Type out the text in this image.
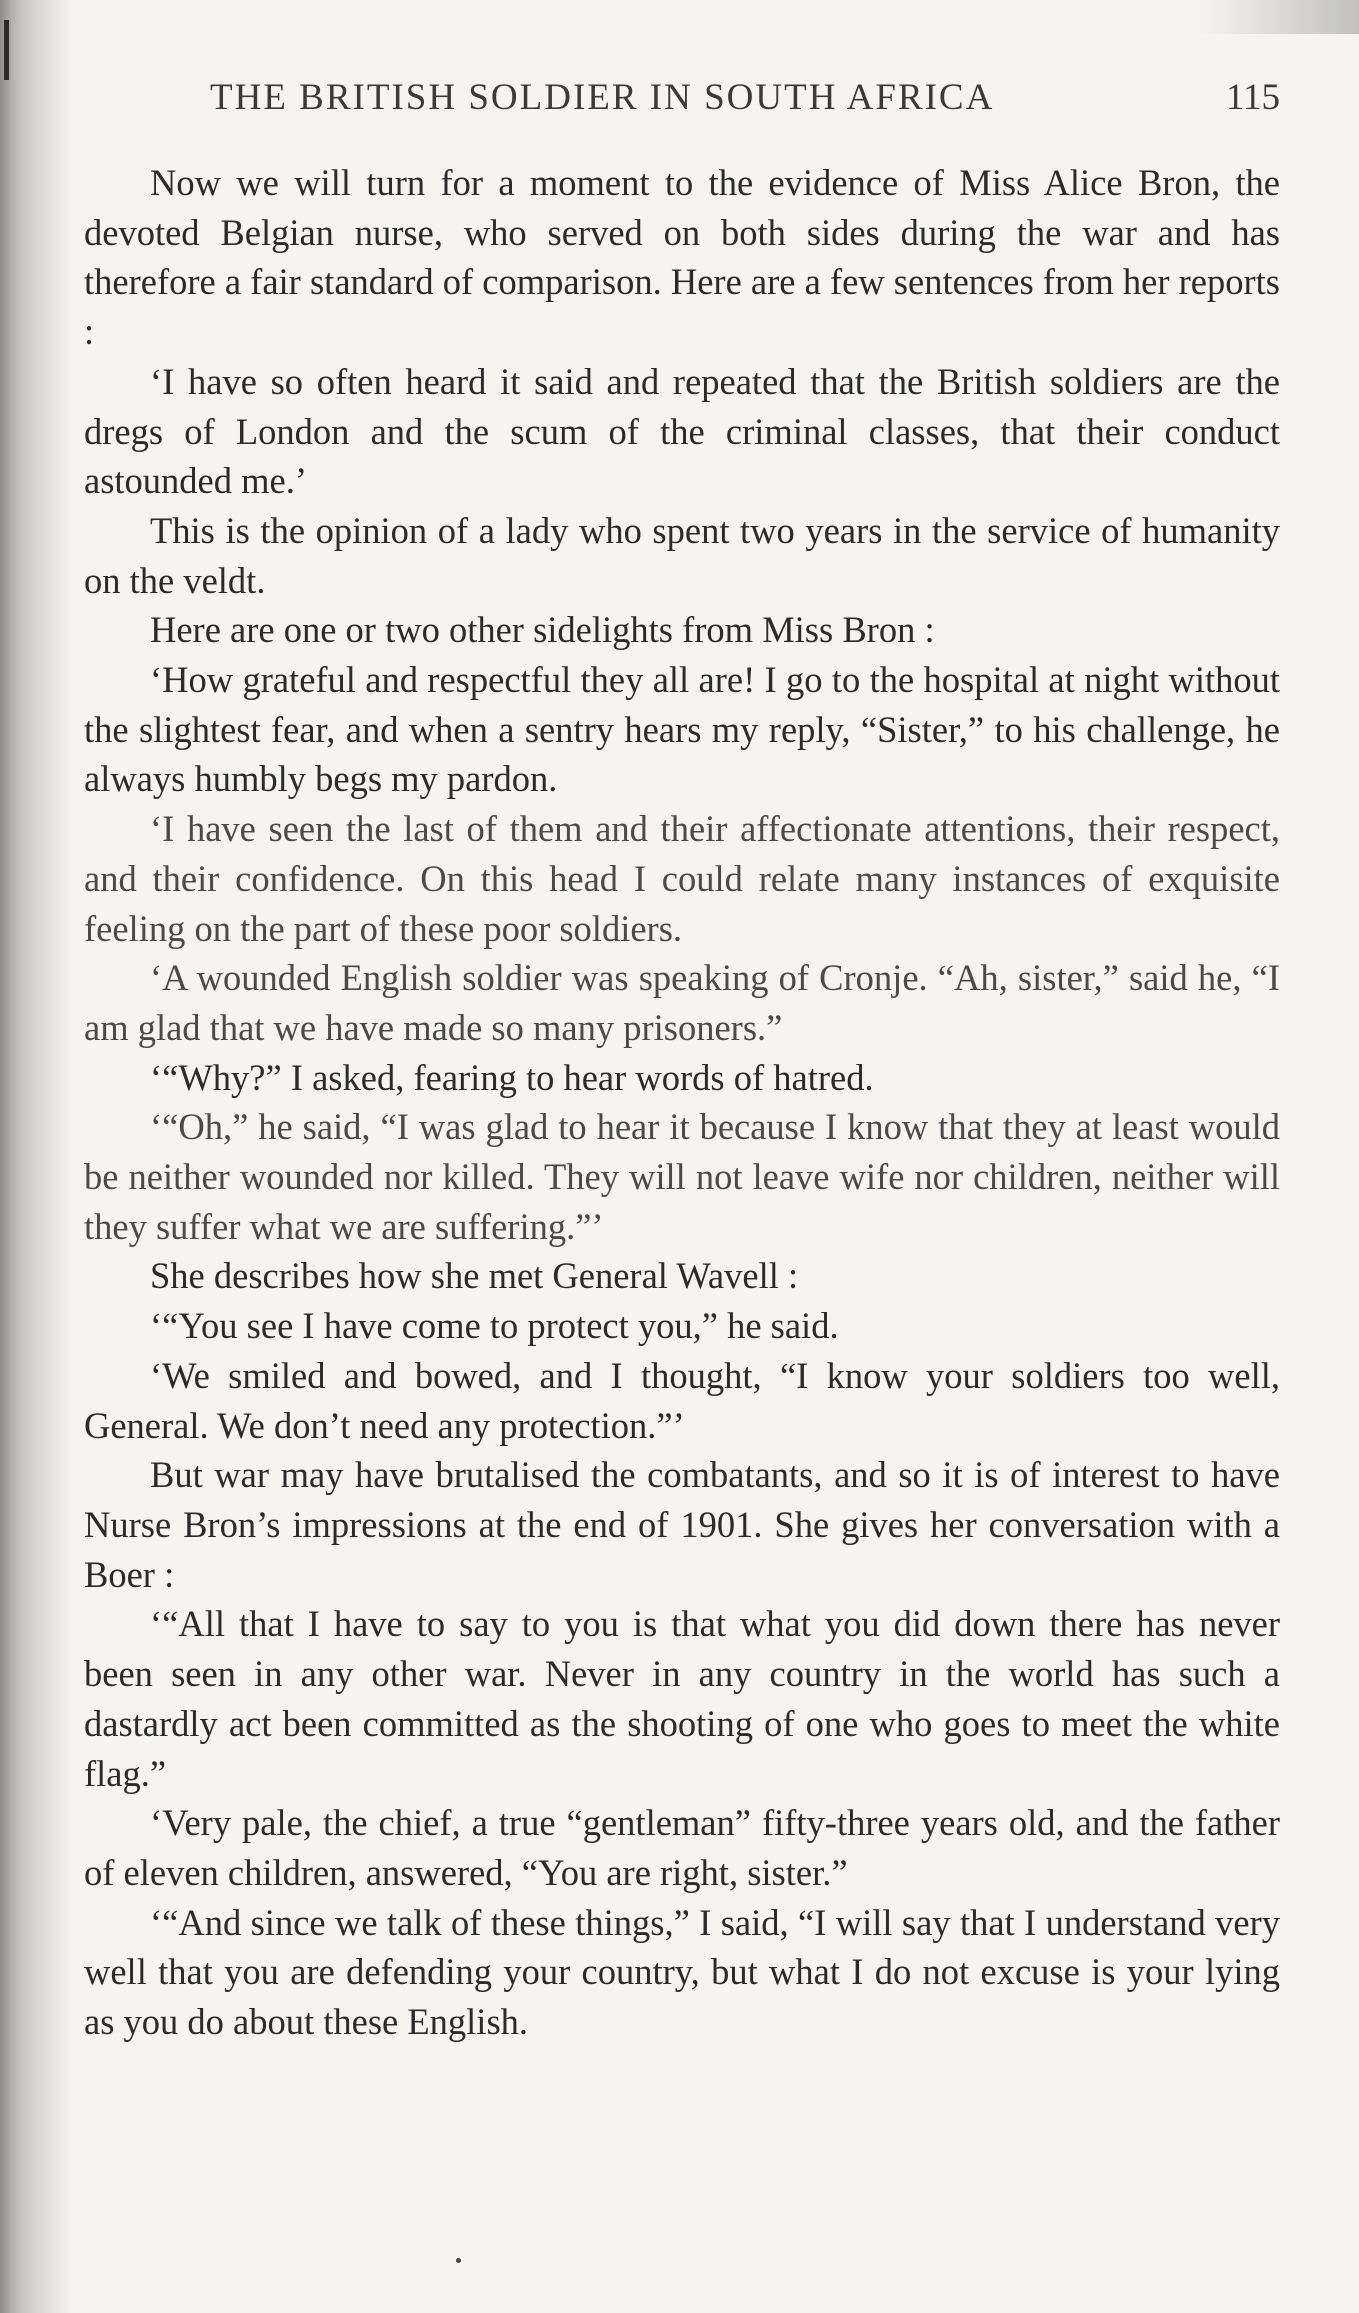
THE BRITISH SOLDIER IN SOUTH AFRICA	115

Now we will turn for a moment to the evidence of Miss Alice Bron, the devoted Belgian nurse, who served on both sides during the war and has therefore a fair standard of comparison. Here are a few sentences from her reports :

‘I have so often heard it said and repeated that the British soldiers are the dregs of London and the scum of the criminal classes, that their conduct astounded me.’

This is the opinion of a lady who spent two years in the service of humanity on the veldt.

Here are one or two other sidelights from Miss Bron :

‘How grateful and respectful they all are! I go to the hospital at night without the slightest fear, and when a sentry hears my reply, “Sister,” to his challenge, he always humbly begs my pardon.

‘I have seen the last of them and their affectionate attentions, their respect, and their confidence. On this head I could relate many instances of exquisite feeling on the part of these poor soldiers.

‘A wounded English soldier was speaking of Cronje. “Ah, sister,” said he, “I am glad that we have made so many prisoners.”

‘“Why?” I asked, fearing to hear words of hatred.

‘“Oh,” he said, “I was glad to hear it because I know that they at least would be neither wounded nor killed. They will not leave wife nor children, neither will they suffer what we are suffering.”’

She describes how she met General Wavell :

‘“You see I have come to protect you,” he said.

‘We smiled and bowed, and I thought, “I know your soldiers too well, General. We don’t need any protection.”’

But war may have brutalised the combatants, and so it is of interest to have Nurse Bron’s impressions at the end of 1901. She gives her conversation with a Boer :

‘“All that I have to say to you is that what you did down there has never been seen in any other war. Never in any country in the world has such a dastardly act been committed as the shooting of one who goes to meet the white flag.”

‘Very pale, the chief, a true “gentleman” fifty-three years old, and the father of eleven children, answered, “You are right, sister.”

‘“And since we talk of these things,” I said, “I will say that I understand very well that you are defending your country, but what I do not excuse is your lying as you do about these English.
